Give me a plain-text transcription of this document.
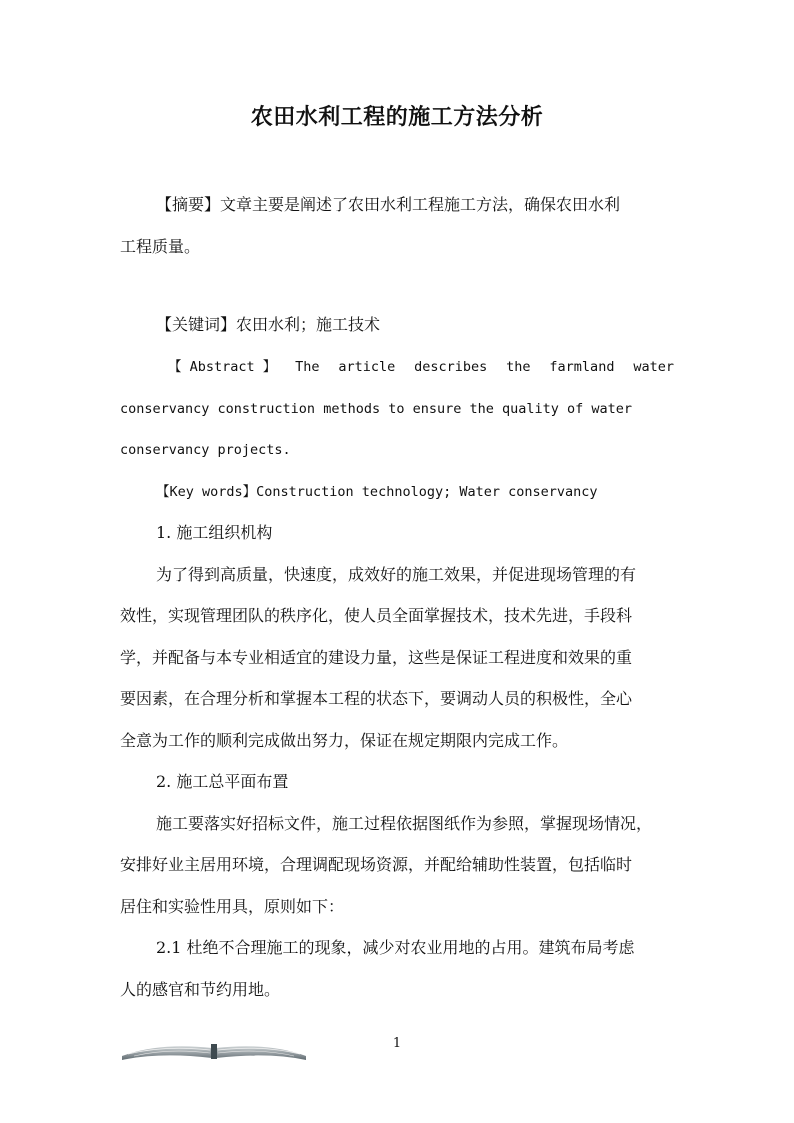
农田水利工程的施工方法分析
【摘要】文章主要是阐述了农田水利工程施工方法，确保农田水利
工程质量。
【关键词】农田水利；施工技术
【 Abstract 】 The article describes the farmland water
conservancy construction methods to ensure the quality of water
conservancy projects.
【Key words】Construction technology; Water conservancy
1. 施工组织机构
为了得到高质量，快速度，成效好的施工效果，并促进现场管理的有
效性，实现管理团队的秩序化，使人员全面掌握技术，技术先进，手段科
学，并配备与本专业相适宜的建设力量，这些是保证工程进度和效果的重
要因素，在合理分析和掌握本工程的状态下，要调动人员的积极性，全心
全意为工作的顺利完成做出努力，保证在规定期限内完成工作。
2. 施工总平面布置
施工要落实好招标文件，施工过程依据图纸作为参照，掌握现场情况，
安排好业主居用环境，合理调配现场资源，并配给辅助性装置，包括临时
居住和实验性用具，原则如下：
2.1 杜绝不合理施工的现象，减少对农业用地的占用。建筑布局考虑
人的感官和节约用地。
1
